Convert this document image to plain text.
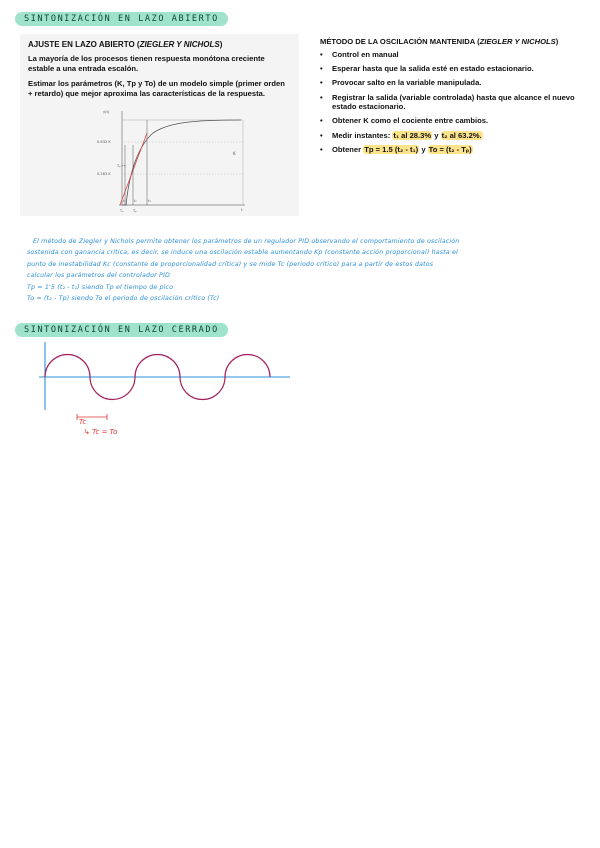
SINTONIZACIÓN EN LAZO ABIERTO
AJUSTE EN LAZO ABIERTO (ZIEGLER Y NICHOLS)
La mayoría de los procesos tienen respuesta monótona creciente estable a una entrada escalón.
Estimar los parámetros (K, Tp y To) de un modelo simple (primer orden + retardo) que mejor aproxima las características de la respuesta.
y(t)
0.632 K
0.283 K
K
Tₚ+τ
t₁ t₂	t₃
t
Tₒ	Tₚ
MÉTODO DE LA OSCILACIÓN MANTENIDA (ZIEGLER Y NICHOLS)
• Control en manual
• Esperar hasta que la salida esté en estado estacionario.
• Provocar salto en la variable manipulada.
• Registrar la salida (variable controlada) hasta que alcance el nuevo estado estacionario.
• Obtener K como el cociente entre cambios.
• Medir instantes: t₁ al 28.3% y t₂ al 63.2%.
• Obtener Tp = 1.5 (t₂ - t₁) y To = (t₂ - Tₚ)
El método de Ziegler y Nichols permite obtener los parámetros de un regulador PID observando el comportamiento de oscilación
sostenida con ganancia crítica, es decir, se induce una oscilación estable aumentando Kp (constante acción proporcional) hasta el
punto de inestabilidad Kc (constante de proporcionalidad crítica) y se mide Tc (periodo crítico) para a partir de estos datos
calcular los parámetros del controlador PID
Tp = 1'5 (t₂ - t₁) siendo Tp el tiempo de pico
To = (t₂ - Tp) siendo To el periodo de oscilación crítico (Tc)
SINTONIZACIÓN EN LAZO CERRADO
Tc
↳ Tc = To
